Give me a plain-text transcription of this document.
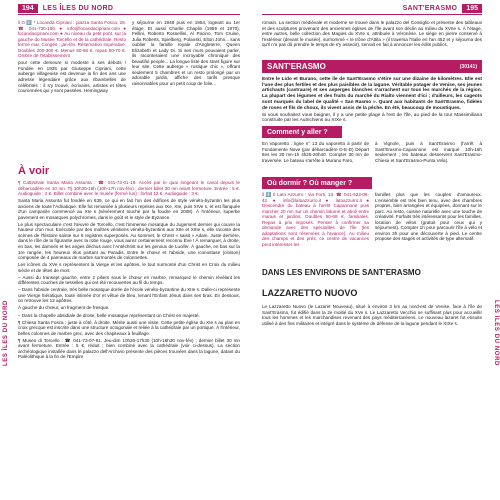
194	LES ÎLES DU NORD	SANT'ERASMO	195
LES ÎLES DU NORD	LES ÎLES DU NORD

ǁ Ɑ ℹ️ * Locanda Cipriani : piazza Santa Fosca, 29. ☎ 041-730-150. ● info@locandacipriani.com ● locandacipriani.com ● Au niveau du petit pont, sur la gauche du Musée Torcello et de la cathédrale. Resto fermé mar. Congés : jan-fév. Réservation impérative. Doubles 200-300 €. Menus 50-66 €, repas 50-70 €. Ombre de l'établissement

pour cette demeure si modeste à ses débuts ! Fondée en 1935 par Giuseppe Cipriani, cette auberge villageoise est devenue la fin des ans une adresse légendaire grâce aux ribambelles de célébrités : il s'y trouvé, écrivains, artistes et têtes couronnées qui y sont passées. Hemingway

y séjourne en 1948 puis en 1954, logeant au 1er étage. Et aussi Charlie Chaplin (1959 et 1970), Fellini, Roberto Rossellini, Al Pacino, Tom Cruise, Julia Roberts, Spielberg, Polanski, Elton John... sans oublier la famille royale d'Angleterre, Queen Elizabeth et Lady Di. Si ses murs pouvaient parler, ils raconteraient une incroyable chronique des beautiful people... La longue liste des stars figure sur leur site. Cette auberge « rustique chic », offrant seulement 5 chambres et un resto prolongé par un adorable jardin, affiche des tarifs presque raisonnables pour un petit coup de folie...

À voir

¶ Cattedrale Santa Maria Assunta : ☎ 041-73-01-19. Accès par le quai longeant le canal depuis le débarcadère en 10 mn. Tlj 10h30-18h (10h-17h nov-fév) ; dernier billet 30 mn avant fermeture. Entrée : 5 €. Audioguide : 2 €. Billet combiné avec le musée (fermé lun) ; forfait 12 €. Audioguide : 3 €.

Santa Maria Assunta fut fondée en 639, ce qui en fait l'un des édifices de style vénéto-byzantin les plus anciens de toute l'Adriatique. Elle fut remaniée à plusieurs reprises aux IXe, XIe, puis XIVe s, et est flanquée d'un campanile commencé au XIe s (sévèrement touché par la foudre en 2008). À l'intérieur, superbe pavement en mosaïques polychromes, dans le goût et le style de Byzance.

Le plus spectaculaire c'est l'œuvre de Torcello, c'est l'immense mosaïque du Jugement dernier qui couvre la hauteur d'un mur. Exécutée par des maîtres vénitiens vénéto-byzantins aux XIIe et XIIIe s, elle raconte des scènes de l'histoire sainte sur 6 registres superposés. Au sommet, le Christ « saisit » Adam. Juste derrière, dans le rôle de la figurante avec la robe rouge, vous aurez certainement reconnu Ève ! À remarquer, à droite, en bas, les damnés et les anges déchus avec l'Antéchrist sur les genoux de Lucifer. À gauche, en bas sur la 1re rangée, les heureux élus partant au Paradis. Entre le chœur et l'abside, une iconostase (cloison) composée de 4 panneaux de marbre surmontés de colonnettes.

Les icônes du XVe s représentent la Vierge et les apôtres, le tout surmonté d'un Christ en Croix du milieu siècle et de têtes de mort.

– Aussi du transept gauche, entre 2 piliers sous le chœur en marbre, remarquez le chemin révélant les différentes couches de tesselles qui ont été recouvertes au fil du temps.

– Dans l'abside centrale, très belle mosaïque dorée de l'école vénéto-byzantine du XIIe s. Dalle-ci représente une Vierge hiératique, toute intimée d'or et vêtue de bleu, tenant l'Enfant Jésus dans ses bras. En dessous, on retrouve les 12 apôtres.

À gauche du chœur, un fragment de fresque.

– Dans la chapelle absidiale de droite, belle mosaïque représentant un Christ en majesté.

¶ Chiesa Santa Fosca : juste à côté, à droite. Mérite aussi une visite. Cette petite église du XIe s au plan en croix grecque est inscrite dans une structure octogonale et reliée à la cathédrale par un portique. À l'intérieur, belles colonnes de marbre grec, avec des chapiteaux à feuillage.

¶ Museo di Torcello : ☎ 041-73-07-61. Jeu-dim 10h30-17h30 (10h-16h30 nov-fév) ; dernier billet 30 mn avant fermeture. Entrée : 5 €, réduit ; bien combiné avec la cathédrale (voir ci-dessus). La section archéologique installée dans le palazzo dell'Archivio présente des pièces trouvées dans la lagune, datant du Paléolithique à la fin de l'Empire

romain. La section médiévale et moderne se trouve dans le palazzo del Consiglio et présente des tableaux et des sculptures provenant des anciennes églises de l'île avant son déclin au milieu du XVIIe s. À l'étage, entre autres, belle collection des Magies du XVIe s, attribuée à Véronèse. Le siège en pierre conservé à l'extérieur (devant le musée), surnommé « le trône d'Attila » (il traversa l'Italie en l'an 452 et y séjourna des qu'il n'a pas dû prendre le temps de s'y asseoir), servait en fait à annoncer les édits publics.

SANT'ERASMO	(30141)

Entre le Lido et Burano, cette île de Sant'Erasmo s'étire sur une dizaine de kilomètres. Elle est l'une des plus fertiles et des plus paisibles de la lagune. Véritable potager de Venise, ses jeunes artichauts (castraure) et ses asperges blanches s'arrachent sur tous les marchés de la région. La plupart des légumes et des fruits du marché du Rialto viennent d'ici ; d'ailleurs, les cageots sont marqués du label de qualité « San Rasmo ». Quant aux habitants de Sant'Erasmo, fidèles de roses et fils de choux, ils vivent assis de la pêche. En été, beaucoup de moustiques.

Si vous souhaitez vous baigner, il y a une petite plage à l'est de l'île, au pied de la tour Massimiliana construite par les Autrichiens au XIXe s.

Comment y aller ?

En Vaporetto : ligne n° 13 du vaporetto à partir de Fondamente Nove (par débarcadère D-E-D) Départ ttes les 30 mn-1h 4h25-20h40. Compter 30 mn de traversée. Le bateau s'arrête à Murano Faro,

à Vignole, puis à Sant'Erasmo (l'arrêt à Sant'Erasmo-Capannone est marqué 10h-16h seulement ; les bateaux desservent Sant'Erasmo-Chiesa et Sant'Erasmo-Punta Vela).

Où dormir ? Où manger ?

ǁ ℹ️ Il Lato Azzurro : via Forti, 13. ☎ 041-523-06-42. ● info@latoazzurro.it ● latoazzurro.it ● Descendre du bateau à l'arrêt Capannone puis marcher 20 mn sur un chemin bitumé et aboli entre marais et jardins. Doubles 50-68 €, familiales. Repas à prix imposés. Penser à confirmer sa demande avec des spécialités de l'île (les adaptations sont réservées à l'avance). Au milieu des champs et des prés, ce centre de vacances peut intéresser les

familles plus que les couples d'amoureux. L'ensemble est très bien tenu, avec des chambres propres, bien arrangées et équipées, donnant sur le parc. Au resto, cuisine naturelle avec une touche de créativité. Forfaits très intéressants pour les familles, location de vélos (gratuit pour ceux qui y séjournent). Compter 1h pour parcourir l'île à vélo et environ 3h pour une découverte à pied. Le centre propose des stages et activités de type alternatif.

DANS LES ENVIRONS DE SANT'ERASMO
LAZZARETTO NUOVO

Le Lazzaretto Nuovo (le Lazaret Nouveau), situé à environ 3 km au nord-est de Venise, face à l'île de Sant'Erasmo, fut édifié dans la 2e moitié du XVe s. Le Lazzaretto Vecchio ne suffisant plus pour accueillir tous les hommes et les marchandises revenant des pays méditerranéens. Le nouveau lazaret fut ensuite utilisé à des fins militaires et intégré dans le système de défense de la lagune pendant le XIXe s.
